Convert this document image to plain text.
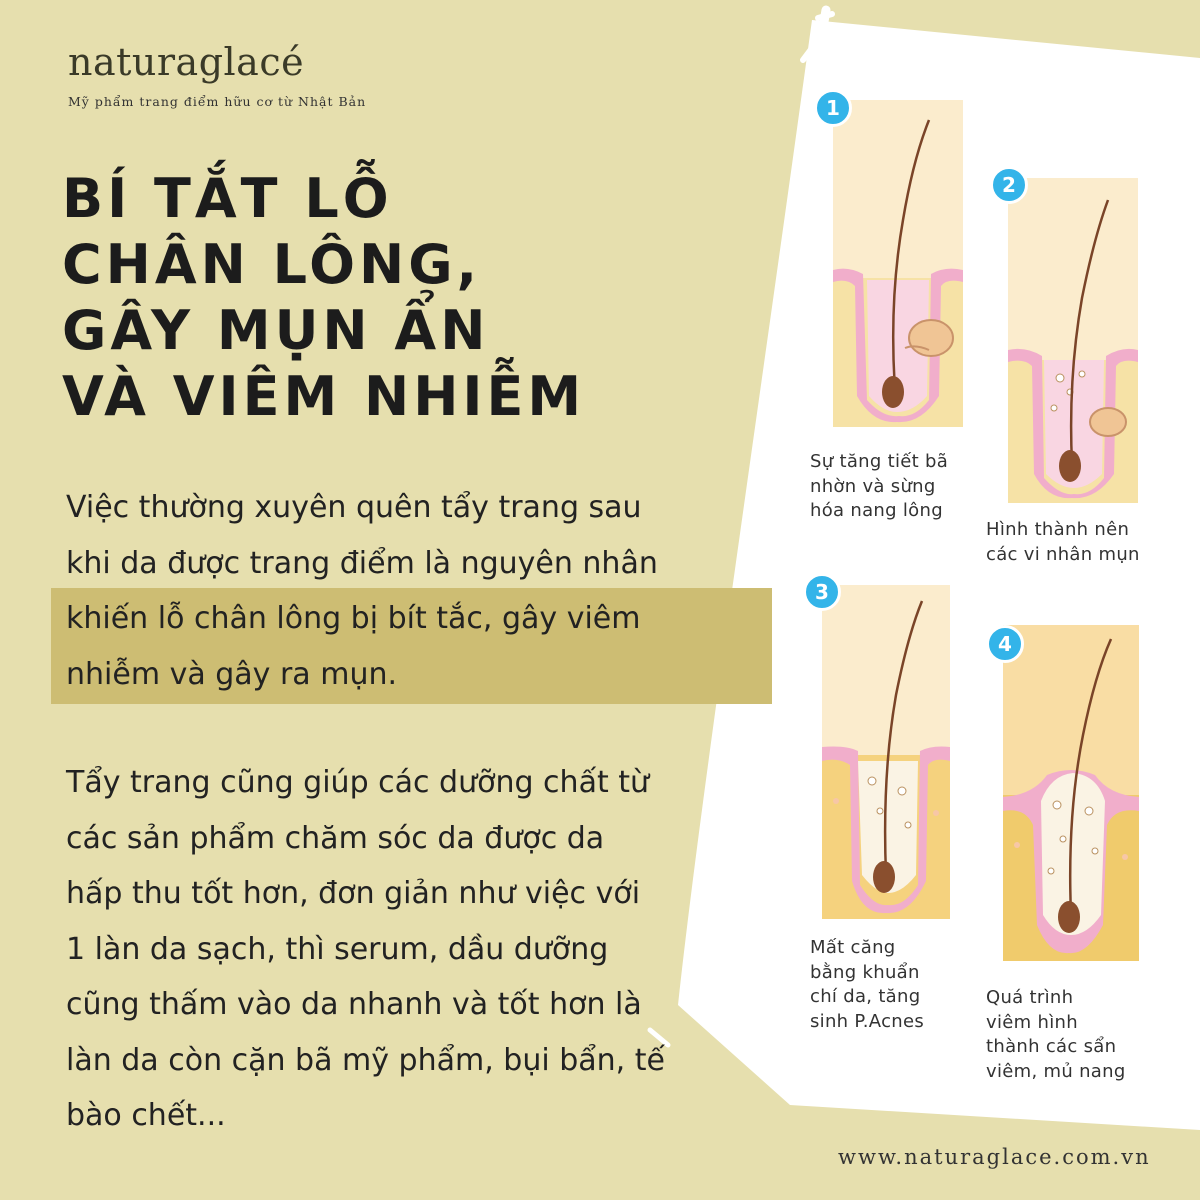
naturaglacé
Mỹ phẩm trang điểm hữu cơ từ Nhật Bản
BÍ TẮT LỖ
CHÂN LÔNG,
GÂY MỤN ẨN
VÀ VIÊM NHIỄM
Việc thường xuyên quên tẩy trang sau
khi da được trang điểm là nguyên nhân
khiến lỗ chân lông bị bít tắc, gây viêm
nhiễm và gây ra mụn.
Tẩy trang cũng giúp các dưỡng chất từ
các sản phẩm chăm sóc da được da
hấp thu tốt hơn, đơn giản như việc với
1 làn da sạch, thì serum, dầu dưỡng
cũng thấm vào da nhanh và tốt hơn là
làn da còn cặn bã mỹ phẩm, bụi bẩn, tế
bào chết...
1
Sự tăng tiết bã
nhờn và sừng
hóa nang lông
2
Hình thành nên
các vi nhân mụn
3
Mất căng
bằng khuẩn
chí da, tăng
sinh P.Acnes
4
Quá trình
viêm hình
thành các sẩn
viêm, mủ nang
www.naturaglace.com.vn
